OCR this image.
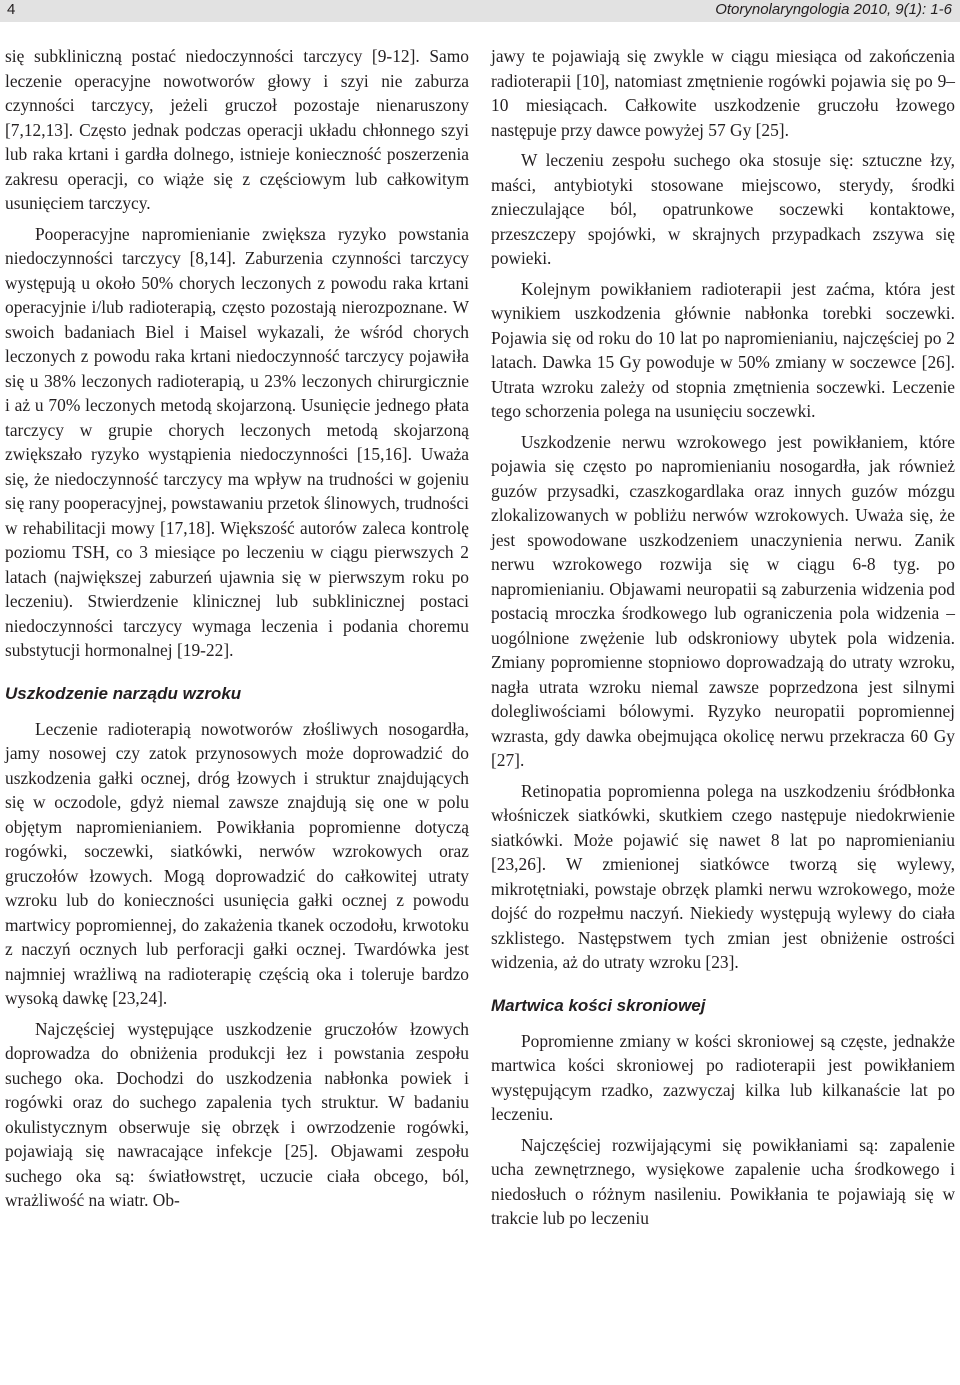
4	Otorynolaryngologia 2010, 9(1): 1-6

się subkliniczną postać niedoczynności tarczycy [9-12]. Samo leczenie operacyjne nowotworów głowy i szyi nie zaburza czynności tarczycy, jeżeli gruczoł pozostaje nienaruszony [7,12,13]. Często jednak podczas operacji układu chłonnego szyi lub raka krtani i gardła dolnego, istnieje konieczność poszerzenia zakresu operacji, co wiąże się z częściowym lub całkowitym usunięciem tarczycy.

Pooperacyjne napromienianie zwiększa ryzyko powstania niedoczynności tarczycy [8,14]. Zaburzenia czynności tarczycy występują u około 50% chorych leczonych z powodu raka krtani operacyjnie i/lub radioterapią, często pozostają nierozpoznane. W swoich badaniach Biel i Maisel wykazali, że wśród chorych leczonych z powodu raka krtani niedoczynność tarczycy pojawiła się u 38% leczonych radioterapią, u 23% leczonych chirurgicznie i aż u 70% leczonych metodą skojarzoną. Usunięcie jednego płata tarczycy w grupie chorych leczonych metodą skojarzoną zwiększało ryzyko wystąpienia niedoczynności [15,16]. Uważa się, że niedoczynność tarczycy ma wpływ na trudności w gojeniu się rany pooperacyjnej, powstawaniu przetok ślinowych, trudności w rehabilitacji mowy [17,18]. Większość autorów zaleca kontrolę poziomu TSH, co 3 miesiące po leczeniu w ciągu pierwszych 2 latach (największej zaburzeń ujawnia się w pierwszym roku po leczeniu). Stwierdzenie klinicznej lub subklinicznej postaci niedoczynności tarczycy wymaga leczenia i podania choremu substytucji hormonalnej [19-22].

Uszkodzenie narządu wzroku

Leczenie radioterapią nowotworów złośliwych nosogardła, jamy nosowej czy zatok przynosowych może doprowadzić do uszkodzenia gałki ocznej, dróg łzowych i struktur znajdujących się w oczodole, gdyż niemal zawsze znajdują się one w polu objętym napromienianiem. Powikłania popromienne dotyczą rogówki, soczewki, siatkówki, nerwów wzrokowych oraz gruczołów łzowych. Mogą doprowadzić do całkowitej utraty wzroku lub do konieczności usunięcia gałki ocznej z powodu martwicy popromiennej, do zakażenia tkanek oczodołu, krwotoku z naczyń ocznych lub perforacji gałki ocznej. Twardówka jest najmniej wrażliwą na radioterapię częścią oka i toleruje bardzo wysoką dawkę [23,24].

Najczęściej występujące uszkodzenie gruczołów łzowych doprowadza do obniżenia produkcji łez i powstania zespołu suchego oka. Dochodzi do uszkodzenia nabłonka powiek i rogówki oraz do suchego zapalenia tych struktur. W badaniu okulistycznym obserwuje się obrzęk i owrzodzenie rogówki, pojawiają się nawracające infekcje [25]. Objawami zespołu suchego oka są: światłowstręt, uczucie ciała obcego, ból, wrażliwość na wiatr. Ob-

jawy te pojawiają się zwykle w ciągu miesiąca od zakończenia radioterapii [10], natomiast zmętnienie rogówki pojawia się po 9–10 miesiącach. Całkowite uszkodzenie gruczołu łzowego następuje przy dawce powyżej 57 Gy [25].

W leczeniu zespołu suchego oka stosuje się: sztuczne łzy, maści, antybiotyki stosowane miejscowo, sterydy, środki znieczulające ból, opatrunkowe soczewki kontaktowe, przeszczepy spojówki, w skrajnych przypadkach zszywa się powieki.

Kolejnym powikłaniem radioterapii jest zaćma, która jest wynikiem uszkodzenia głównie nabłonka torebki soczewki. Pojawia się od roku do 10 lat po napromienianiu, najczęściej po 2 latach. Dawka 15 Gy powoduje w 50% zmiany w soczewce [26]. Utrata wzroku zależy od stopnia zmętnienia soczewki. Leczenie tego schorzenia polega na usunięciu soczewki.

Uszkodzenie nerwu wzrokowego jest powikłaniem, które pojawia się często po napromienianiu nosogardła, jak również guzów przysadki, czaszkogardlaka oraz innych guzów mózgu zlokalizowanych w pobliżu nerwów wzrokowych. Uważa się, że jest spowodowane uszkodzeniem unaczynienia nerwu. Zanik nerwu wzrokowego rozwija się w ciągu 6-8 tyg. po napromienianiu. Objawami neuropatii są zaburzenia widzenia pod postacią mroczka środkowego lub ograniczenia pola widzenia – uogólnione zwężenie lub odskroniowy ubytek pola widzenia. Zmiany popromienne stopniowo doprowadzają do utraty wzroku, nagła utrata wzroku niemal zawsze poprzedzona jest silnymi dolegliwościami bólowymi. Ryzyko neuropatii popromiennej wzrasta, gdy dawka obejmująca okolicę nerwu przekracza 60 Gy [27].

Retinopatia popromienna polega na uszkodzeniu śródbłonka włośniczek siatkówki, skutkiem czego następuje niedokrwienie siatkówki. Może pojawić się nawet 8 lat po napromienianiu [23,26]. W zmienionej siatkówce tworzą się wylewy, mikrotętniaki, powstaje obrzęk plamki nerwu wzrokowego, może dojść do rozpełmu naczyń. Niekiedy występują wylewy do ciała szklistego. Następstwem tych zmian jest obniżenie ostrości widzenia, aż do utraty wzroku [23].

Martwica kości skroniowej

Popromienne zmiany w kości skroniowej są częste, jednakże martwica kości skroniowej po radioterapii jest powikłaniem występującym rzadko, zazwyczaj kilka lub kilkanaście lat po leczeniu.

Najczęściej rozwijającymi się powikłaniami są: zapalenie ucha zewnętrznego, wysiękowe zapalenie ucha środkowego i niedosłuch o różnym nasileniu. Powikłania te pojawiają się w trakcie lub po leczeniu
